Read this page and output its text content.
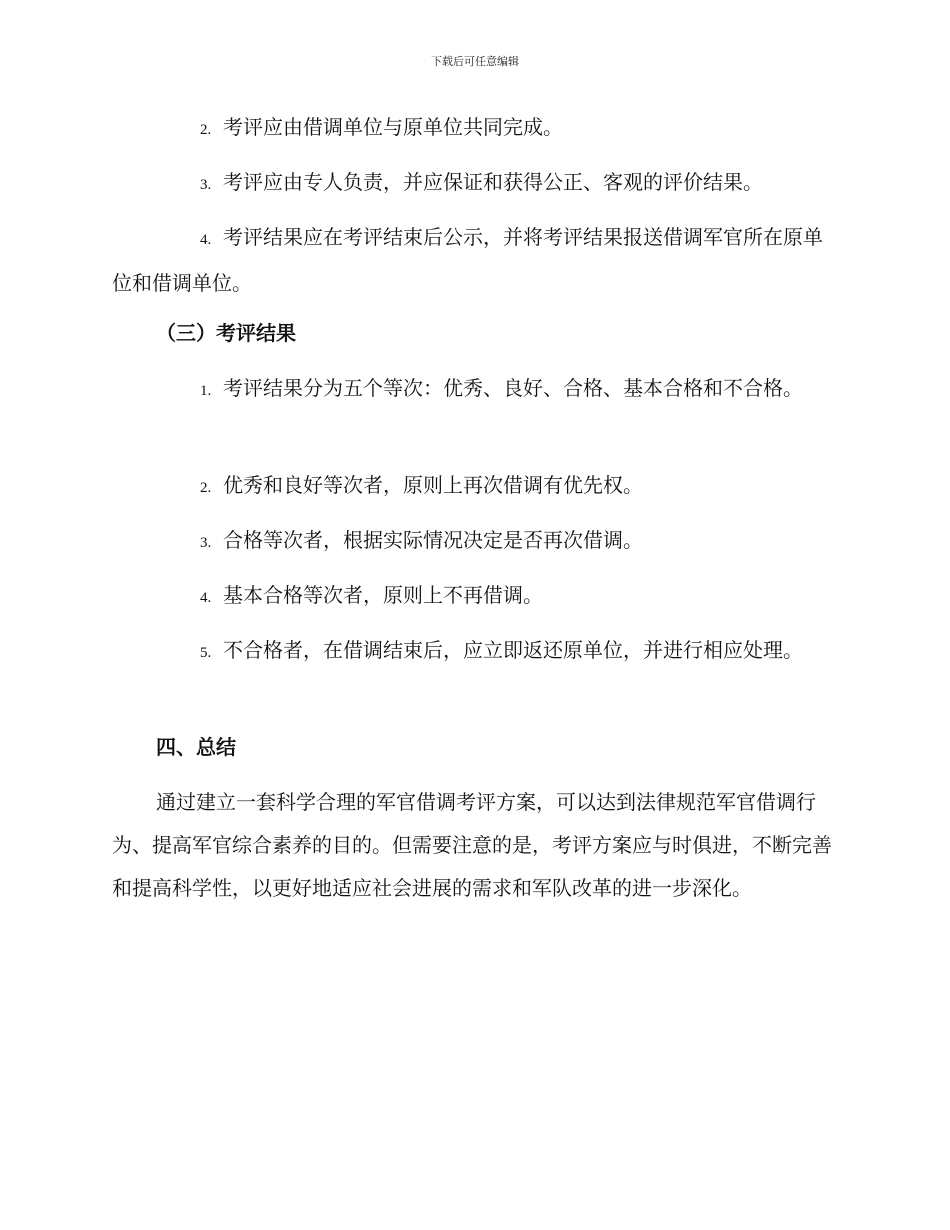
下载后可任意编辑
2. 考评应由借调单位与原单位共同完成。
3. 考评应由专人负责，并应保证和获得公正、客观的评价结果。
4. 考评结果应在考评结束后公示，并将考评结果报送借调军官所在原单位和借调单位。
（三）考评结果
1. 考评结果分为五个等次：优秀、良好、合格、基本合格和不合格。
2. 优秀和良好等次者，原则上再次借调有优先权。
3. 合格等次者，根据实际情况决定是否再次借调。
4. 基本合格等次者，原则上不再借调。
5. 不合格者，在借调结束后，应立即返还原单位，并进行相应处理。
四、总结
通过建立一套科学合理的军官借调考评方案，可以达到法律规范军官借调行为、提高军官综合素养的目的。但需要注意的是，考评方案应与时俱进，不断完善和提高科学性，以更好地适应社会进展的需求和军队改革的进一步深化。
